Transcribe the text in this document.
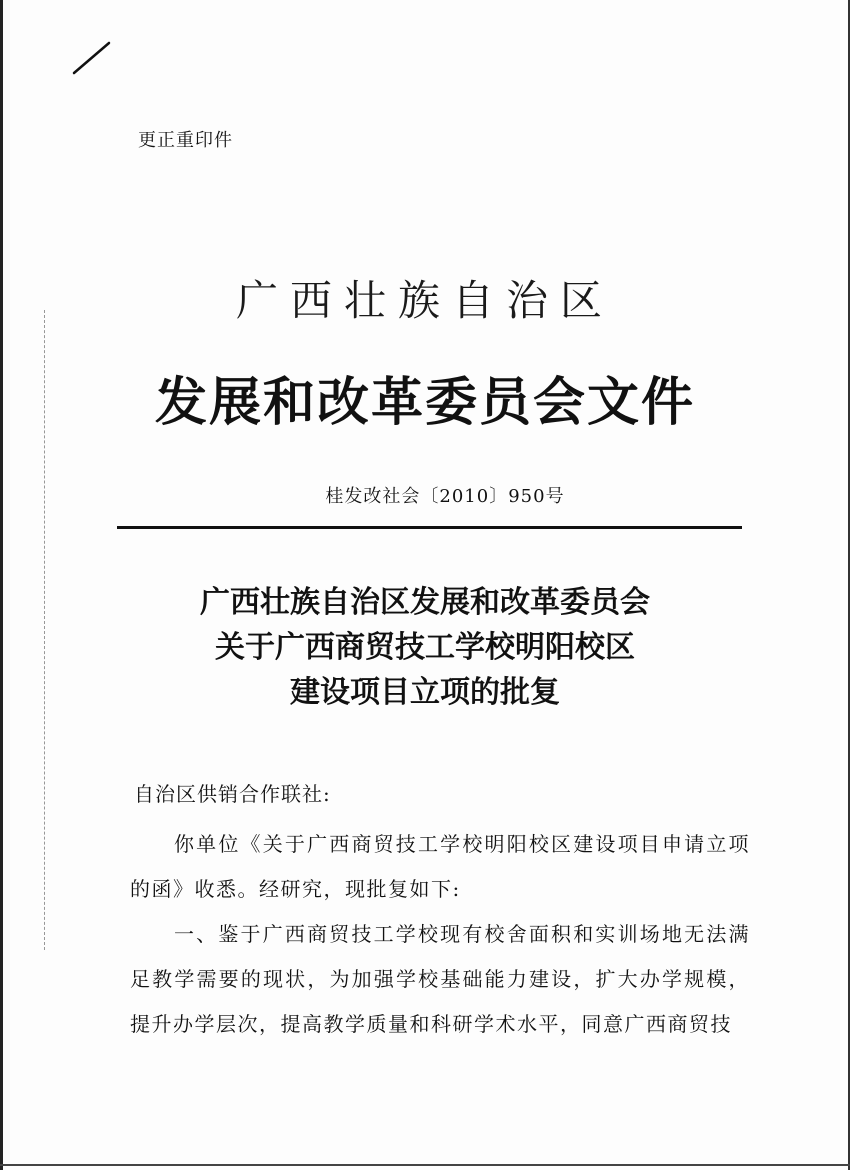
更正重印件
广西壮族自治区
发展和改革委员会文件
桂发改社会〔2010〕950号
广西壮族自治区发展和改革委员会
关于广西商贸技工学校明阳校区
建设项目立项的批复
自治区供销合作联社:
你单位《关于广西商贸技工学校明阳校区建设项目申请立项的函》收悉。经研究，现批复如下:
一、鉴于广西商贸技工学校现有校舍面积和实训场地无法满足教学需要的现状，为加强学校基础能力建设，扩大办学规模，提升办学层次，提高教学质量和科研学术水平，同意广西商贸技
